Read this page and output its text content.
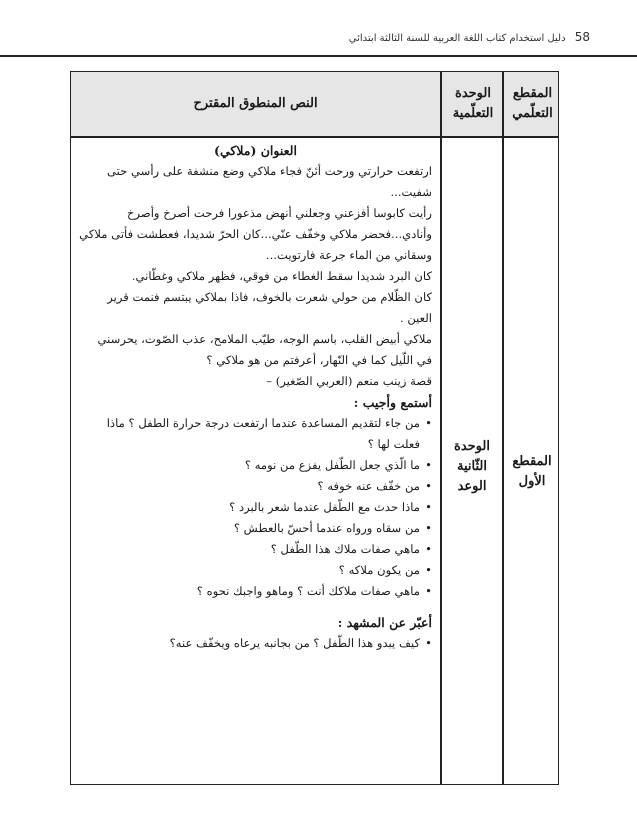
58 دليل استخدام كتاب اللغة العربية للسنة الثالثة ابتدائي
النص المنطوق المقترح
الوحدة التعلّمية
المقطع التعلّمي
الوحدة الثّانية الوعد
المقطع الأول

العنوان (ملاكي)

ارتفعت حرارتي ورحت أئنّ فجاء ملاكي وضع منشفة على رأسي حتى شفيت...

رأيت كابوسا أفزعني وجعلني أنهض مذعورا فرحت أصرخ وأصرخ وأنادي...فحضر ملاكي وخفّف عنّي...كان الحرّ شديدا، فعطشت فأتى ملاكي وسقاني من الماء جرعة فارتويت...

كان البرد شديدا سقط الغطاء من فوقي، فظهر ملاكي وغطّاني.

كان الظّلام من حولي شعرت بالخوف، فاذا بملاكي يبتسم فنمت قرير العين .

ملاكي أبيض القلب، باسم الوجه، طيّب الملامح، عذب الصّوت، يحرسني في اللّيل كما في النّهار، أعرفتم من هو ملاكي ؟

قصة زينب منعم (العربي الصّغير) –

أستمع وأجيب :

• من جاء لتقديم المساعدة عندما ارتفعت درجة حرارة الطفل ؟ ماذا فعلت لها ؟

• ما الّذي جعل الطّفل يفزع من نومه ؟

• من خفّف عنه خوفه ؟

• ماذا حدث مع الطّفل عندما شعر بالبرد ؟

• من سقاه ورواه عندما أحسّ بالعطش ؟

• ماهي صفات ملاك هذا الطّفل ؟

• من يكون ملاكه ؟

• ماهي صفات ملاكك أنت ؟ وماهو واجبك نحوه ؟

أعبّر عن المشهد :

• كيف يبدو هذا الطّفل ؟ من بجانبه يرعاه ويخفّف عنه؟
